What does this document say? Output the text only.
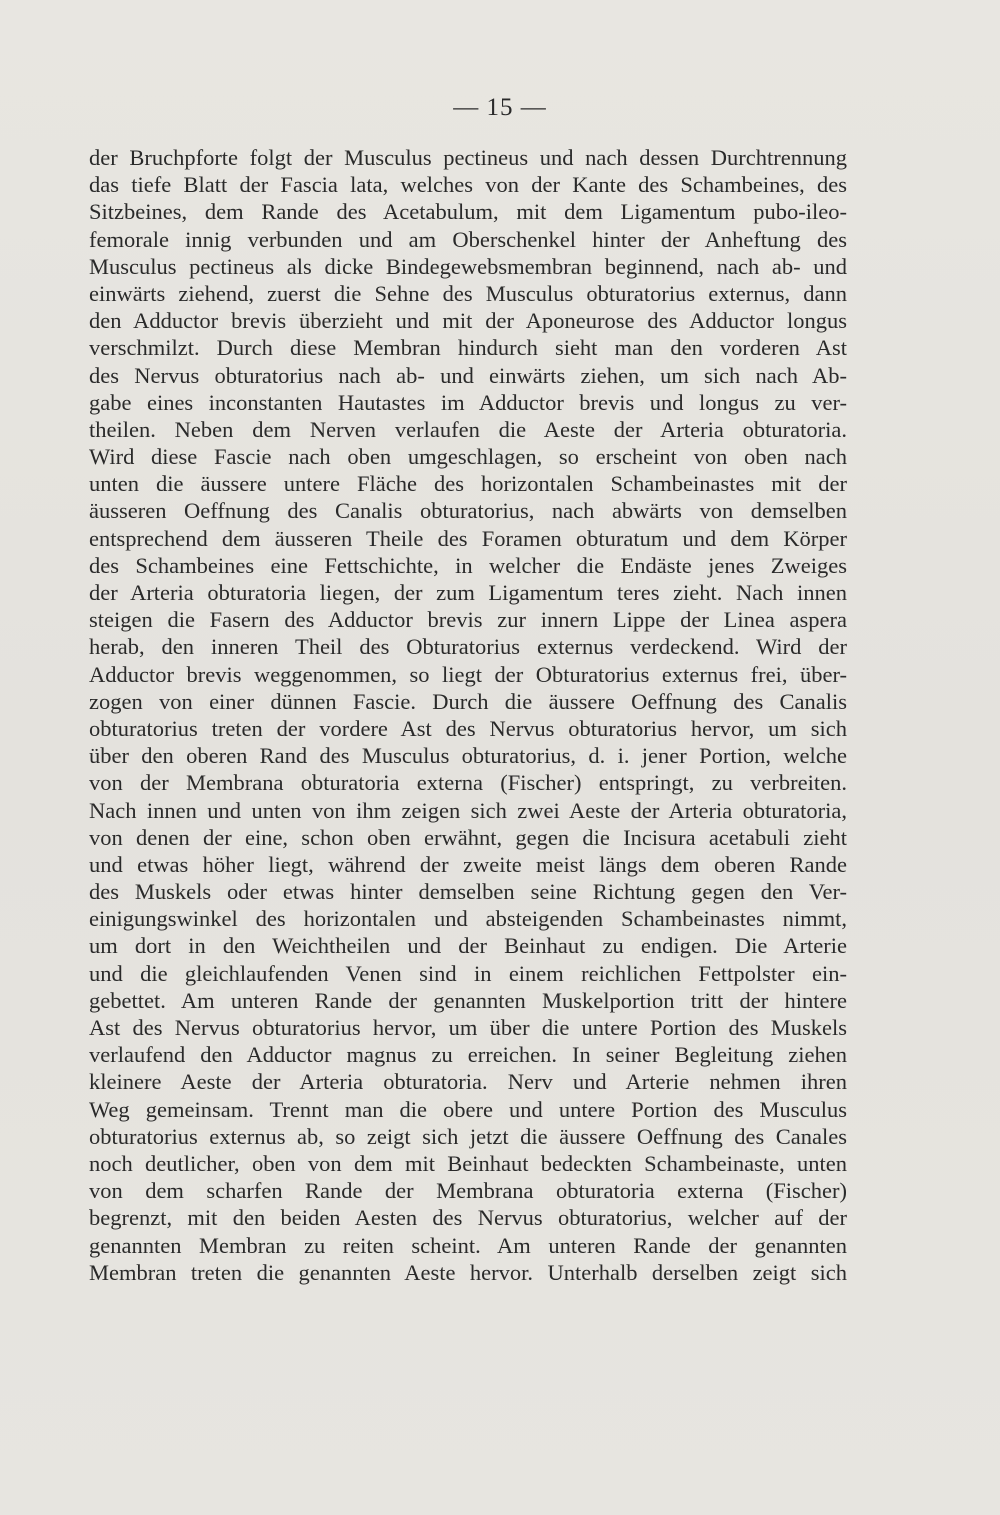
— 15 —
der Bruchpforte folgt der Musculus pectineus und nach dessen Durchtrennung
das tiefe Blatt der Fascia lata, welches von der Kante des Schambeines, des
Sitzbeines, dem Rande des Acetabulum, mit dem Ligamentum pubo-ileo-
femorale innig verbunden und am Oberschenkel hinter der Anheftung des
Musculus pectineus als dicke Bindegewebsmembran beginnend, nach ab- und
einwärts ziehend, zuerst die Sehne des Musculus obturatorius externus, dann
den Adductor brevis überzieht und mit der Aponeurose des Adductor longus
verschmilzt. Durch diese Membran hindurch sieht man den vorderen Ast
des Nervus obturatorius nach ab- und einwärts ziehen, um sich nach Ab-
gabe eines inconstanten Hautastes im Adductor brevis und longus zu ver-
theilen. Neben dem Nerven verlaufen die Aeste der Arteria obturatoria.
Wird diese Fascie nach oben umgeschlagen, so erscheint von oben nach
unten die äussere untere Fläche des horizontalen Schambeinastes mit der
äusseren Oeffnung des Canalis obturatorius, nach abwärts von demselben
entsprechend dem äusseren Theile des Foramen obturatum und dem Körper
des Schambeines eine Fettschichte, in welcher die Endäste jenes Zweiges
der Arteria obturatoria liegen, der zum Ligamentum teres zieht. Nach innen
steigen die Fasern des Adductor brevis zur innern Lippe der Linea aspera
herab, den inneren Theil des Obturatorius externus verdeckend. Wird der
Adductor brevis weggenommen, so liegt der Obturatorius externus frei, über-
zogen von einer dünnen Fascie. Durch die äussere Oeffnung des Canalis
obturatorius treten der vordere Ast des Nervus obturatorius hervor, um sich
über den oberen Rand des Musculus obturatorius, d. i. jener Portion, welche
von der Membrana obturatoria externa (Fischer) entspringt, zu verbreiten.
Nach innen und unten von ihm zeigen sich zwei Aeste der Arteria obturatoria,
von denen der eine, schon oben erwähnt, gegen die Incisura acetabuli zieht
und etwas höher liegt, während der zweite meist längs dem oberen Rande
des Muskels oder etwas hinter demselben seine Richtung gegen den Ver-
einigungswinkel des horizontalen und absteigenden Schambeinastes nimmt,
um dort in den Weichtheilen und der Beinhaut zu endigen. Die Arterie
und die gleichlaufenden Venen sind in einem reichlichen Fettpolster ein-
gebettet. Am unteren Rande der genannten Muskelportion tritt der hintere
Ast des Nervus obturatorius hervor, um über die untere Portion des Muskels
verlaufend den Adductor magnus zu erreichen. In seiner Begleitung ziehen
kleinere Aeste der Arteria obturatoria. Nerv und Arterie nehmen ihren
Weg gemeinsam. Trennt man die obere und untere Portion des Musculus
obturatorius externus ab, so zeigt sich jetzt die äussere Oeffnung des Canales
noch deutlicher, oben von dem mit Beinhaut bedeckten Schambeinaste, unten
von dem scharfen Rande der Membrana obturatoria externa (Fischer)
begrenzt, mit den beiden Aesten des Nervus obturatorius, welcher auf der
genannten Membran zu reiten scheint. Am unteren Rande der genannten
Membran treten die genannten Aeste hervor. Unterhalb derselben zeigt sich
